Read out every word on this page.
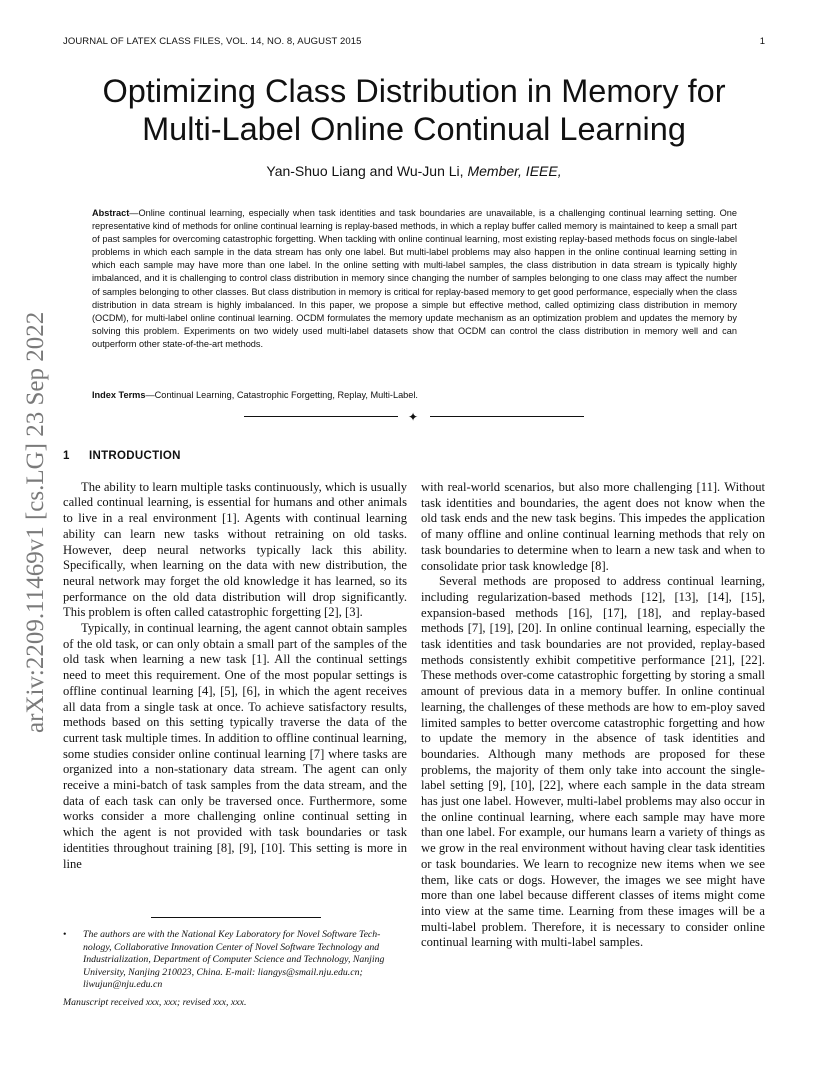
JOURNAL OF LATEX CLASS FILES, VOL. 14, NO. 8, AUGUST 2015	1
arXiv:2209.11469v1 [cs.LG] 23 Sep 2022
Optimizing Class Distribution in Memory for
Multi-Label Online Continual Learning
Yan-Shuo Liang and Wu-Jun Li, Member, IEEE,
Abstract—Online continual learning, especially when task identities and task boundaries are unavailable, is a challenging continual learning setting. One representative kind of methods for online continual learning is replay-based methods, in which a replay buffer called memory is maintained to keep a small part of past samples for overcoming catastrophic forgetting. When tackling with online continual learning, most existing replay-based methods focus on single-label problems in which each sample in the data stream has only one label. But multi-label problems may also happen in the online continual learning setting in which each sample may have more than one label. In the online setting with multi-label samples, the class distribution in data stream is typically highly imbalanced, and it is challenging to control class distribution in memory since changing the number of samples belonging to one class may affect the number of samples belonging to other classes. But class distribution in memory is critical for replay-based memory to get good performance, especially when the class distribution in data stream is highly imbalanced. In this paper, we propose a simple but effective method, called optimizing class distribution in memory (OCDM), for multi-label online continual learning. OCDM formulates the memory update mechanism as an optimization problem and updates the memory by solving this problem. Experiments on two widely used multi-label datasets show that OCDM can control the class distribution in memory well and can outperform other state-of-the-art methods.
Index Terms—Continual Learning, Catastrophic Forgetting, Replay, Multi-Label.
✦
1 INTRODUCTION

The ability to learn multiple tasks continuously, which is usually called continual learning, is essential for humans and other animals to live in a real environment [1]. Agents with continual learning ability can learn new tasks without retraining on old tasks. However, deep neural networks typically lack this ability. Specifically, when learning on the data with new distribution, the neural network may forget the old knowledge it has learned, so its performance on the old data distribution will drop significantly. This problem is often called catastrophic forgetting [2], [3].

Typically, in continual learning, the agent cannot obtain samples of the old task, or can only obtain a small part of the samples of the old task when learning a new task [1]. All the continual settings need to meet this requirement. One of the most popular settings is offline continual learning [4], [5], [6], in which the agent receives all data from a single task at once. To achieve satisfactory results, methods based on this setting typically traverse the data of the current task multiple times. In addition to offline continual learning, some studies consider online continual learning [7] where tasks are organized into a non-stationary data stream. The agent can only receive a mini-batch of task samples from the data stream, and the data of each task can only be traversed once. Furthermore, some works consider a more challenging online continual setting in which the agent is not provided with task boundaries or task identities throughout training [8], [9], [10]. This setting is more in line

with real-world scenarios, but also more challenging [11]. Without task identities and boundaries, the agent does not know when the old task ends and the new task begins. This impedes the application of many offline and online continual learning methods that rely on task boundaries to determine when to learn a new task and when to consolidate prior task knowledge [8].

Several methods are proposed to address continual learning, including regularization-based methods [12], [13], [14], [15], expansion-based methods [16], [17], [18], and replay-based methods [7], [19], [20]. In online continual learning, especially the task identities and task boundaries are not provided, replay-based methods consistently exhibit competitive performance [21], [22]. These methods over-come catastrophic forgetting by storing a small amount of previous data in a memory buffer. In online continual learning, the challenges of these methods are how to em-ploy saved limited samples to better overcome catastrophic forgetting and how to update the memory in the absence of task identities and boundaries. Although many methods are proposed for these problems, the majority of them only take into account the single-label setting [9], [10], [22], where each sample in the data stream has just one label. However, multi-label problems may also occur in the online continual learning, where each sample may have more than one label. For example, our humans learn a variety of things as we grow in the real environment without having clear task identities or task boundaries. We learn to recognize new items when we see them, like cats or dogs. However, the images we see might have more than one label because different classes of items might come into view at the same time. Learning from these images will be a multi-label problem. Therefore, it is necessary to consider online continual learning with multi-label samples.

• The authors are with the National Key Laboratory for Novel Software Tech-nology, Collaborative Innovation Center of Novel Software Technology and Industrialization, Department of Computer Science and Technology, Nanjing University, Nanjing 210023, China. E-mail: liangys@smail.nju.edu.cn; liwujun@nju.edu.cn
Manuscript received xxx, xxx; revised xxx, xxx.
